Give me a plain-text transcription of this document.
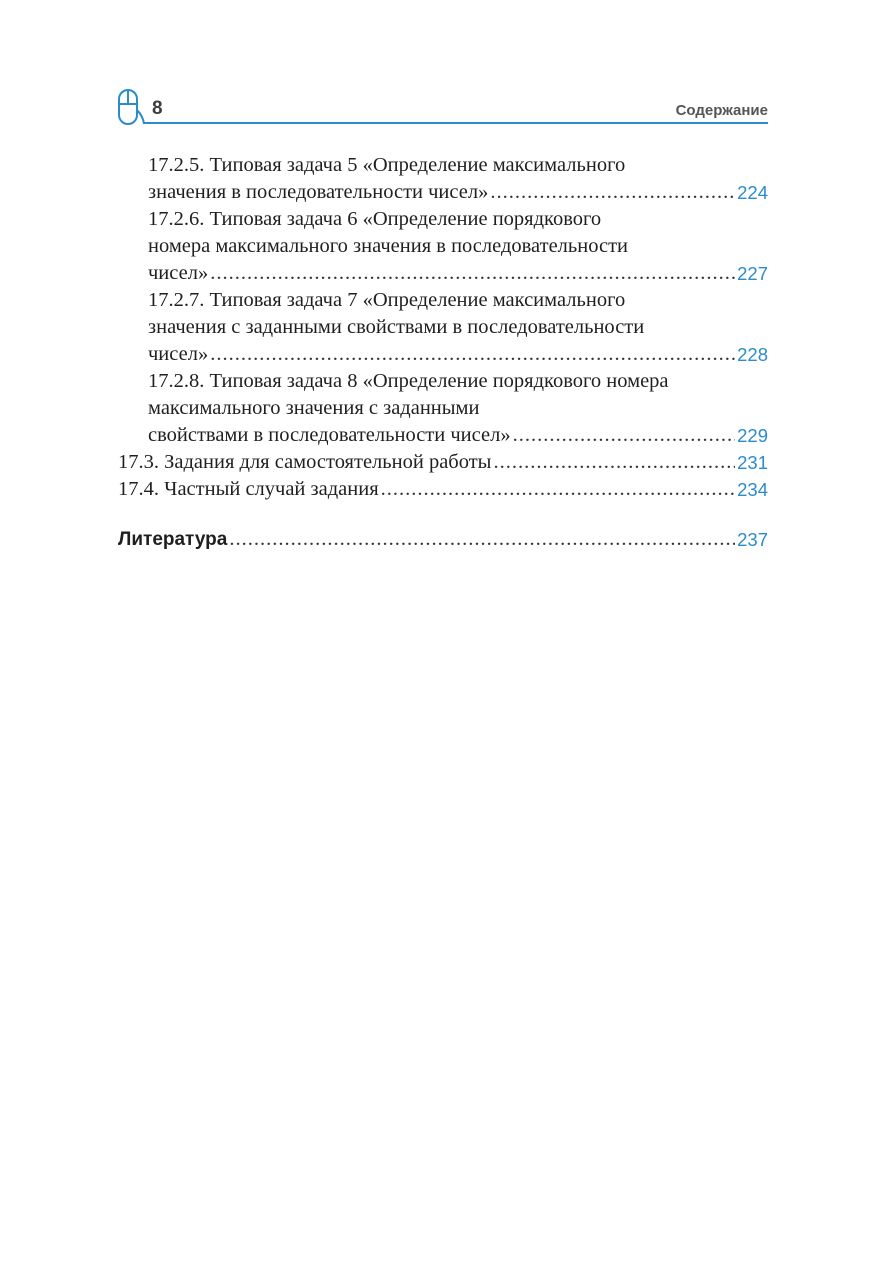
8	Содержание
17.2.5. Типовая задача 5 «Определение максимального
значения в последовательности чисел» .....	224
17.2.6. Типовая задача 6 «Определение порядкового
номера максимального значения в последовательности
чисел» .....	227
17.2.7. Типовая задача 7 «Определение максимального
значения с заданными свойствами в последовательности
чисел» .....	228
17.2.8. Типовая задача 8 «Определение порядкового номера
максимального значения с заданными
свойствами в последовательности чисел» .....	229
17.3. Задания для самостоятельной работы .....	231
17.4. Частный случай задания .....	234
Литература .....	237
